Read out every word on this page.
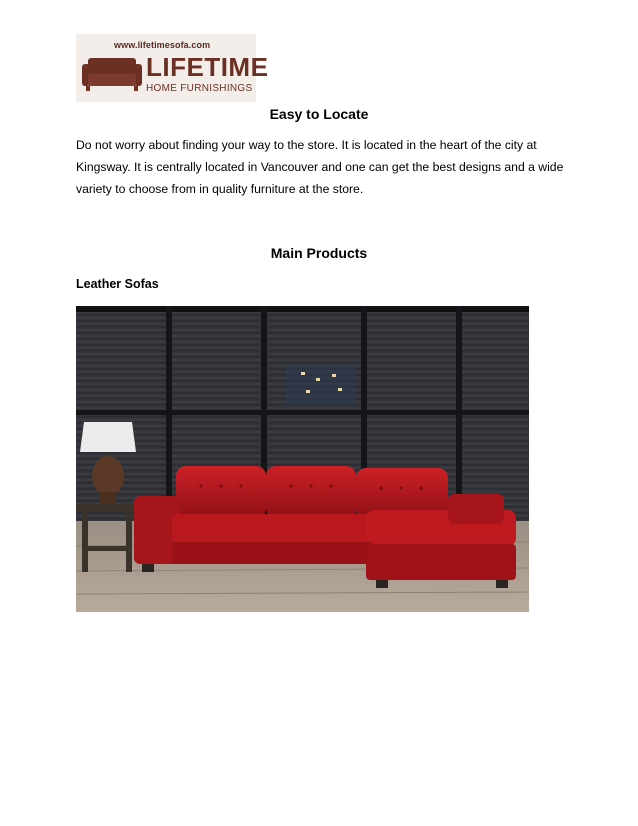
www.lifetimesofa.com
LIFETIME
HOME FURNISHINGS
Easy to Locate
Do not worry about finding your way to the store. It is located in the heart of the city at Kingsway. It is centrally located in Vancouver and one can get the best designs and a wide variety to choose from in quality furniture at the store.
Main Products
Leather Sofas
